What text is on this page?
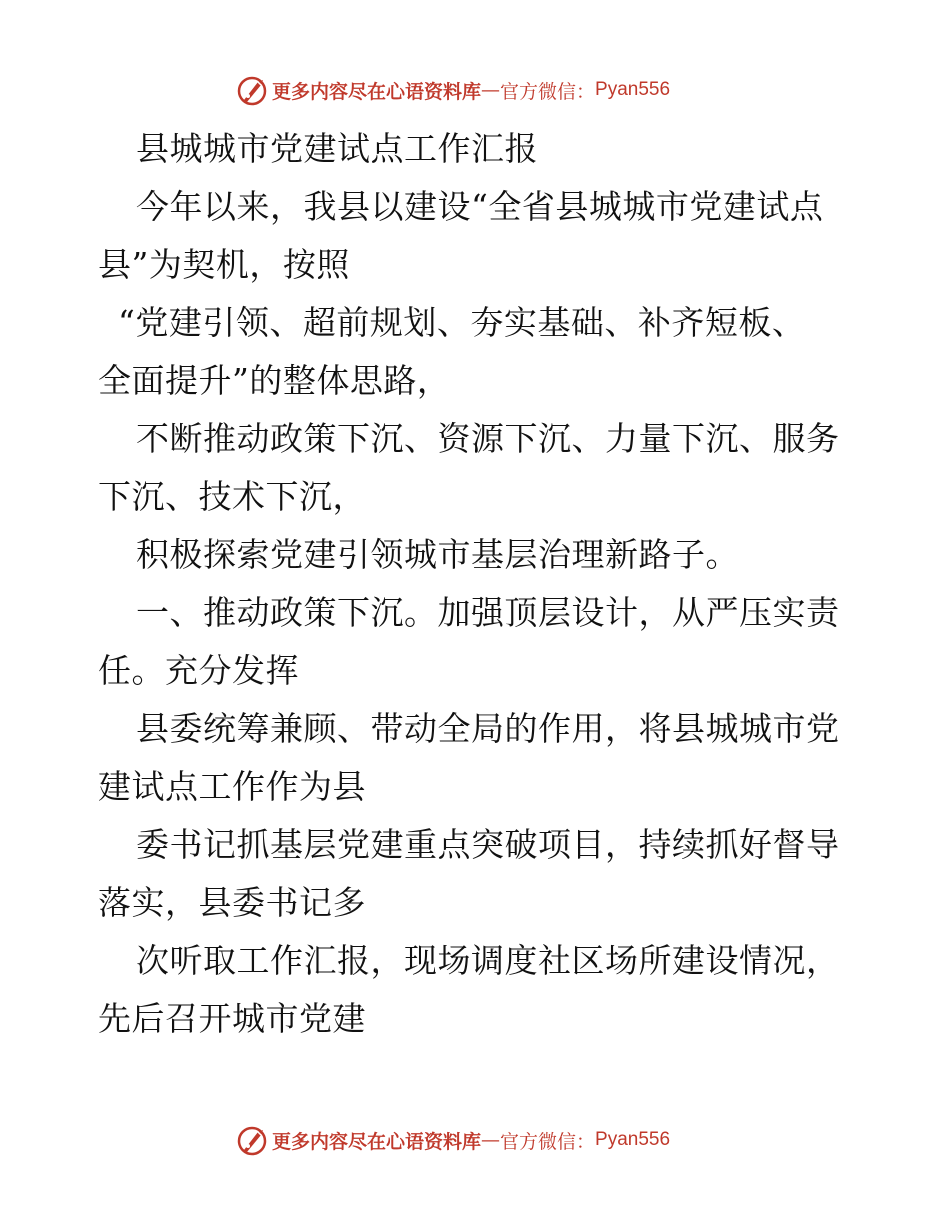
更多内容尽在心语资料库 — 官方微信： Pyan556
县城城市党建试点工作汇报
今年以来，我县以建设“全省县城城市党建试点
县”为契机，按照
“党建引领、超前规划、夯实基础、补齐短板、
全面提升”的整体思路，
不断推动政策下沉、资源下沉、力量下沉、服务
下沉、技术下沉，
积极探索党建引领城市基层治理新路子。
一、推动政策下沉。加强顶层设计，从严压实责
任。充分发挥
县委统筹兼顾、带动全局的作用，将县城城市党
建试点工作作为县
委书记抓基层党建重点突破项目，持续抓好督导
落实，县委书记多
次听取工作汇报，现场调度社区场所建设情况，
先后召开城市党建
更多内容尽在心语资料库 — 官方微信： Pyan556
